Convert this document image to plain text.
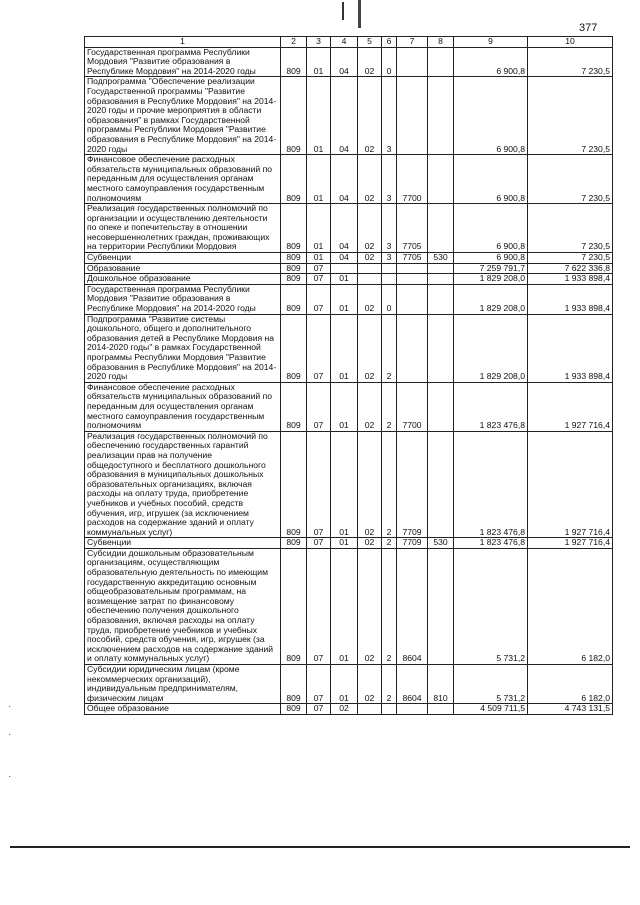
377
·

·

·
1	2	3	4	5	6	7	8	9	10
Государственная программа Республики Мордовия "Развитие образования в Республике Мордовия" на 2014-2020 годы	809	01	04	02	0			6 900,8	7 230,5
Подпрограмма "Обеспечение реализации Государственной программы "Развитие образования в Республике Мордовия" на 2014-2020 годы и прочие мероприятия в области образования" в рамках Государственной программы Республики Мордовия "Развитие образования в Республике Мордовия" на 2014-2020 годы	809	01	04	02	3			6 900,8	7 230,5
Финансовое обеспечение расходных обязательств муниципальных образований по переданным для осуществления органам местного самоуправления государственным полномочиям	809	01	04	02	3	7700		6 900,8	7 230,5
Реализация государственных полномочий по организации и осуществлению деятельности по опеке и попечительству в отношении несовершеннолетних граждан, проживающих на территории Республики Мордовия	809	01	04	02	3	7705		6 900,8	7 230,5
Субвенции	809	01	04	02	3	7705	530	6 900,8	7 230,5
Образование	809	07						7 259 791,7	7 622 336,8
Дошкольное образование	809	07	01					1 829 208,0	1 933 898,4
Государственная программа Республики Мордовия "Развитие образования в Республике Мордовия" на 2014-2020 годы	809	07	01	02	0			1 829 208,0	1 933 898,4
Подпрограмма "Развитие системы дошкольного, общего и дополнительного образования детей в Республике Мордовия на 2014-2020 годы" в рамках Государственной программы Республики Мордовия "Развитие образования в Республике Мордовия" на 2014-2020 годы	809	07	01	02	2			1 829 208,0	1 933 898,4
Финансовое обеспечение расходных обязательств муниципальных образований по переданным для осуществления органам местного самоуправления государственным полномочиям	809	07	01	02	2	7700		1 823 476,8	1 927 716,4
Реализация государственных полномочий по обеспечению государственных гарантий реализации прав на получение общедоступного и бесплатного дошкольного образования в муниципальных дошкольных образовательных организациях, включая расходы на оплату труда, приобретение учебников и учебных пособий, средств обучения, игр, игрушек (за исключением расходов на содержание зданий и оплату коммунальных услуг)	809	07	01	02	2	7709		1 823 476,8	1 927 716,4
Субвенции	809	07	01	02	2	7709	530	1 823 476,8	1 927 716,4
Субсидии дошкольным образовательным организациям, осуществляющим образовательную деятельность по имеющим государственную аккредитацию основным общеобразовательным программам, на возмещение затрат по финансовому обеспечению получения дошкольного образования, включая расходы на оплату труда, приобретение учебников и учебных пособий, средств обучения, игр, игрушек (за исключением расходов на содержание зданий и оплату коммунальных услуг)	809	07	01	02	2	8604		5 731,2	6 182,0
Субсидии юридическим лицам (кроме некоммерческих организаций), индивидуальным предпринимателям, физическим лицам	809	07	01	02	2	8604	810	5 731,2	6 182,0
Общее образование	809	07	02					4 509 711,5	4 743 131,5
